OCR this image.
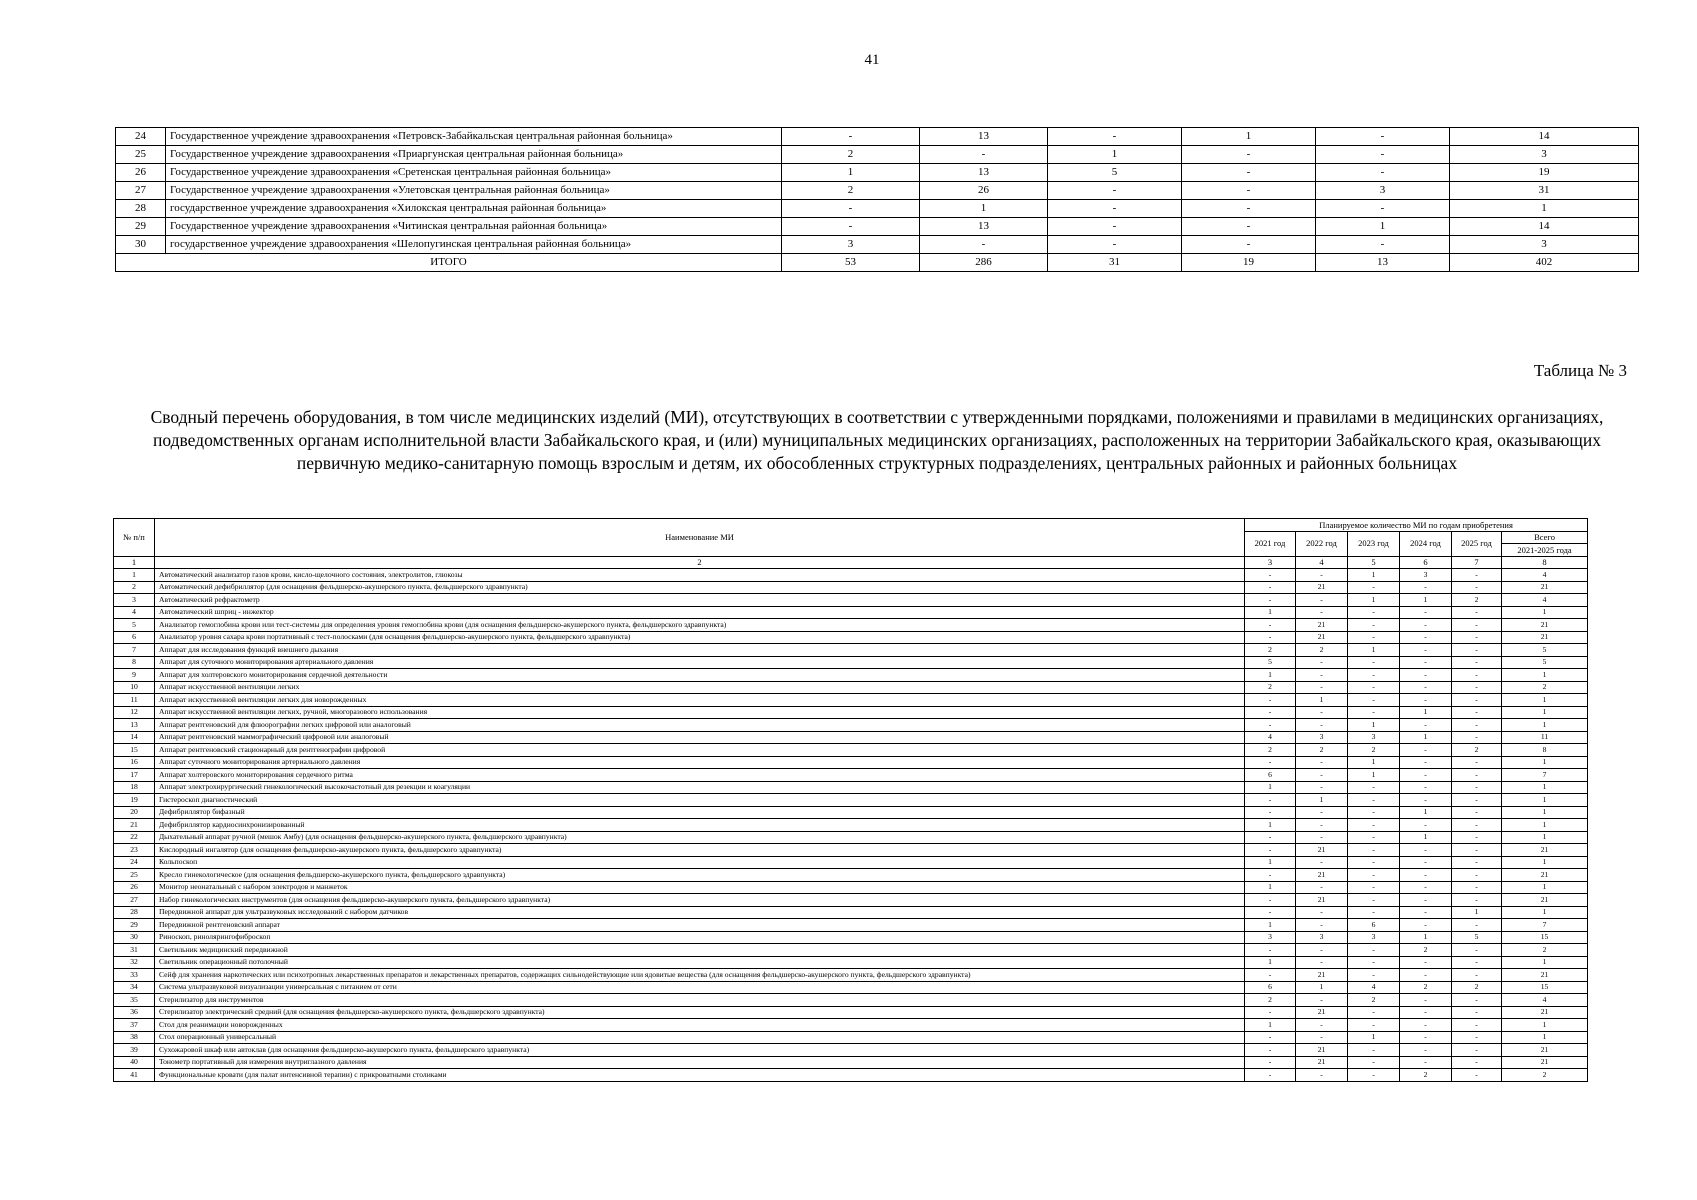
41
24	Государственное учреждение здравоохранения «Петровск-Забайкальская центральная районная больница»	-	13	-	1	-	14
25	Государственное учреждение здравоохранения «Приаргунская центральная районная больница»	2	-	1	-	-	3
26	Государственное учреждение здравоохранения «Сретенская центральная районная больница»	1	13	5	-	-	19
27	Государственное учреждение здравоохранения «Улетовская центральная районная больница»	2	26	-	-	3	31
28	государственное учреждение здравоохранения «Хилокская центральная районная больница»	-	1	-	-	-	1
29	Государственное учреждение здравоохранения «Читинская центральная районная больница»	-	13	-	-	1	14
30	государственное учреждение здравоохранения «Шелопугинская центральная районная больница»	3	-	-	-	-	3
ИТОГО		53	286	31	19	13	402
Таблица № 3
Сводный перечень оборудования, в том числе медицинских изделий (МИ), отсутствующих в соответствии с утвержденными порядками, положениями и правилами в медицинских организациях, подведомственных органам исполнительной власти Забайкальского края, и (или) муниципальных медицинских организациях, расположенных на территории Забайкальского края, оказывающих первичную медико-санитарную помощь взрослым и детям, их обособленных структурных подразделениях, центральных районных и районных больницах
№ п/п	Наименование МИ	Планируемое количество МИ по годам приобретения					
		2021 год	2022 год	2023 год	2024 год	2025 год	Всего
							2021-2025 года
1	2	3	4	5	6	7	8
1	Автоматический анализатор газов крови, кисло-щелочного состояния, электролитов, глюкозы	-	-	1	3	-	4
2	Автоматический дефибриллятор (для оснащения фельдшерско-акушерского пункта, фельдшерского здравпункта)	-	21	-	-	-	21
3	Автоматический рефрактометр	-	-	1	1	2	4
4	Автоматический шприц - инжектор	1	-	-	-	-	1
5	Анализатор гемоглобина крови или тест-системы для определения уровня гемоглобина крови (для оснащения фельдшерско-акушерского пункта, фельдшерского здравпункта)	-	21	-	-	-	21
6	Анализатор уровня сахара крови портативный с тест-полосками (для оснащения фельдшерско-акушерского пункта, фельдшерского здравпункта)	-	21	-	-	-	21
7	Аппарат для исследования функций внешнего дыхания	2	2	1	-	-	5
8	Аппарат для суточного мониторирования артериального давления	5	-	-	-	-	5
9	Аппарат для холтеровского мониторирования сердечной деятельности	1	-	-	-	-	1
10	Аппарат искусственной вентиляции легких	2	-	-	-	-	2
11	Аппарат искусственной вентиляции легких для новорожденных	-	1	-	-	-	1
12	Аппарат искусственной вентиляции легких, ручной, многоразового использования	-	-	-	1	-	1
13	Аппарат рентгеновский для флюорографии легких цифровой или аналоговый	-	-	1	-	-	1
14	Аппарат рентгеновский маммографический цифровой или аналоговый	4	3	3	1	-	11
15	Аппарат рентгеновский стационарный для рентгенографии цифровой	2	2	2	-	2	8
16	Аппарат суточного мониторирования артериального давления	-	-	1	-	-	1
17	Аппарат холтеровского мониторирования сердечного ритма	6	-	1	-	-	7
18	Аппарат электрохирургический гинекологический высокочастотный для резекции и коагуляции	1	-	-	-	-	1
19	Гистероскоп диагностический	-	1	-	-	-	1
20	Дефибриллятор бифазный	-	-	-	1	-	1
21	Дефибриллятор кардиосинхронизированный	1	-	-	-	-	1
22	Дыхательный аппарат ручной (мешок Амбу) (для оснащения фельдшерско-акушерского пункта, фельдшерского здравпункта)	-	-	-	1	-	1
23	Кислородный ингалятор (для оснащения фельдшерско-акушерского пункта, фельдшерского здравпункта)	-	21	-	-	-	21
24	Кольпоскоп	1	-	-	-	-	1
25	Кресло гинекологическое (для оснащения фельдшерско-акушерского пункта, фельдшерского здравпункта)	-	21	-	-	-	21
26	Монитор неонатальный с набором электродов и манжеток	1	-	-	-	-	1
27	Набор гинекологических инструментов (для оснащения фельдшерско-акушерского пункта, фельдшерского здравпункта)	-	21	-	-	-	21
28	Передвижной аппарат для ультразвуковых исследований с набором датчиков	-	-	-	-	1	1
29	Передвижной рентгеновский аппарат	1	-	6	-	-	7
30	Риноскоп, ринолярингофиброскоп	3	3	3	1	5	15
31	Светильник медицинский передвижной	-	-	-	2	-	2
32	Светильник операционный потолочный	1	-	-	-	-	1
33	Сейф для хранения наркотических или психотропных лекарственных препаратов и лекарственных препаратов, содержащих сильнодействующие или ядовитые вещества (для оснащения фельдшерско-акушерского пункта, фельдшерского здравпункта)	-	21	-	-	-	21
34	Система ультразвуковой визуализации универсальная с питанием от сети	6	1	4	2	2	15
35	Стерилизатор для инструментов	2	-	2	-	-	4
36	Стерилизатор электрический средний (для оснащения фельдшерско-акушерского пункта, фельдшерского здравпункта)	-	21	-	-	-	21
37	Стол для реанимации новорожденных	1	-	-	-	-	1
38	Стол операционный универсальный	-	-	1	-	-	1
39	Сухожаровой шкаф или автоклав (для оснащения фельдшерско-акушерского пункта, фельдшерского здравпункта)	-	21	-	-	-	21
40	Тонометр портативный для измерения внутриглазного давления	-	21	-	-	-	21
41	Функциональные кровати (для палат интенсивной терапии) с прикроватными столиками	-	-	-	2	-	2
